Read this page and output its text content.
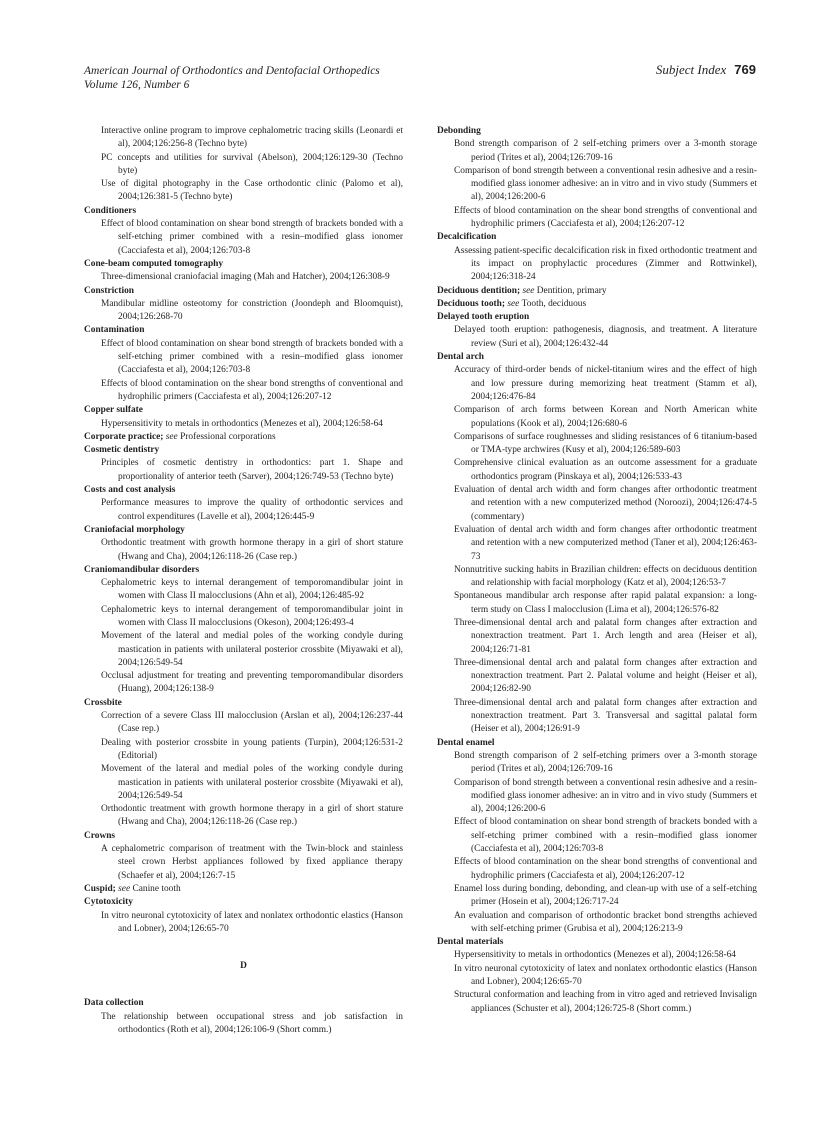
American Journal of Orthodontics and Dentofacial Orthopedics
Volume 126, Number 6
Subject Index 769
Interactive online program to improve cephalometric tracing skills (Leonardi et al), 2004;126:256-8 (Techno byte)
PC concepts and utilities for survival (Abelson), 2004;126:129-30 (Techno byte)
Use of digital photography in the Case orthodontic clinic (Palomo et al), 2004;126:381-5 (Techno byte)
Conditioners
Effect of blood contamination on shear bond strength of brackets bonded with a self-etching primer combined with a resin–modified glass ionomer (Cacciafesta et al), 2004;126:703-8
Cone-beam computed tomography
Three-dimensional craniofacial imaging (Mah and Hatcher), 2004;126:308-9
Constriction
Mandibular midline osteotomy for constriction (Joondeph and Bloomquist), 2004;126:268-70
Contamination
Effect of blood contamination on shear bond strength of brackets bonded with a self-etching primer combined with a resin–modified glass ionomer (Cacciafesta et al), 2004;126:703-8
Effects of blood contamination on the shear bond strengths of conventional and hydrophilic primers (Cacciafesta et al), 2004;126:207-12
Copper sulfate
Hypersensitivity to metals in orthodontics (Menezes et al), 2004;126:58-64
Corporate practice; see Professional corporations
Cosmetic dentistry
Principles of cosmetic dentistry in orthodontics: part 1. Shape and proportionality of anterior teeth (Sarver), 2004;126:749-53 (Techno byte)
Costs and cost analysis
Performance measures to improve the quality of orthodontic services and control expenditures (Lavelle et al), 2004;126:445-9
Craniofacial morphology
Orthodontic treatment with growth hormone therapy in a girl of short stature (Hwang and Cha), 2004;126:118-26 (Case rep.)
Craniomandibular disorders
Cephalometric keys to internal derangement of temporomandibular joint in women with Class II malocclusions (Ahn et al), 2004;126:485-92
Cephalometric keys to internal derangement of temporomandibular joint in women with Class II malocclusions (Okeson), 2004;126:493-4
Movement of the lateral and medial poles of the working condyle during mastication in patients with unilateral posterior crossbite (Miyawaki et al), 2004;126:549-54
Occlusal adjustment for treating and preventing temporomandibular disorders (Huang), 2004;126:138-9
Crossbite
Correction of a severe Class III malocclusion (Arslan et al), 2004;126:237-44 (Case rep.)
Dealing with posterior crossbite in young patients (Turpin), 2004;126:531-2 (Editorial)
Movement of the lateral and medial poles of the working condyle during mastication in patients with unilateral posterior crossbite (Miyawaki et al), 2004;126:549-54
Orthodontic treatment with growth hormone therapy in a girl of short stature (Hwang and Cha), 2004;126:118-26 (Case rep.)
Crowns
A cephalometric comparison of treatment with the Twin-block and stainless steel crown Herbst appliances followed by fixed appliance therapy (Schaefer et al), 2004;126:7-15
Cuspid; see Canine tooth
Cytotoxicity
In vitro neuronal cytotoxicity of latex and nonlatex orthodontic elastics (Hanson and Lobner), 2004;126:65-70
D
Data collection
The relationship between occupational stress and job satisfaction in orthodontics (Roth et al), 2004;126:106-9 (Short comm.)
Debonding
Bond strength comparison of 2 self-etching primers over a 3-month storage period (Trites et al), 2004;126:709-16
Comparison of bond strength between a conventional resin adhesive and a resin-modified glass ionomer adhesive: an in vitro and in vivo study (Summers et al), 2004;126:200-6
Effects of blood contamination on the shear bond strengths of conventional and hydrophilic primers (Cacciafesta et al), 2004;126:207-12
Decalcification
Assessing patient-specific decalcification risk in fixed orthodontic treatment and its impact on prophylactic procedures (Zimmer and Rottwinkel), 2004;126:318-24
Deciduous dentition; see Dentition, primary
Deciduous tooth; see Tooth, deciduous
Delayed tooth eruption
Delayed tooth eruption: pathogenesis, diagnosis, and treatment. A literature review (Suri et al), 2004;126:432-44
Dental arch
Accuracy of third-order bends of nickel-titanium wires and the effect of high and low pressure during memorizing heat treatment (Stamm et al), 2004;126:476-84
Comparison of arch forms between Korean and North American white populations (Kook et al), 2004;126:680-6
Comparisons of surface roughnesses and sliding resistances of 6 titanium-based or TMA-type archwires (Kusy et al), 2004;126:589-603
Comprehensive clinical evaluation as an outcome assessment for a graduate orthodontics program (Pinskaya et al), 2004;126:533-43
Evaluation of dental arch width and form changes after orthodontic treatment and retention with a new computerized method (Noroozi), 2004;126:474-5 (commentary)
Evaluation of dental arch width and form changes after orthodontic treatment and retention with a new computerized method (Taner et al), 2004;126:463-73
Nonnutritive sucking habits in Brazilian children: effects on deciduous dentition and relationship with facial morphology (Katz et al), 2004;126:53-7
Spontaneous mandibular arch response after rapid palatal expansion: a long-term study on Class I malocclusion (Lima et al), 2004;126:576-82
Three-dimensional dental arch and palatal form changes after extraction and nonextraction treatment. Part 1. Arch length and area (Heiser et al), 2004;126:71-81
Three-dimensional dental arch and palatal form changes after extraction and nonextraction treatment. Part 2. Palatal volume and height (Heiser et al), 2004;126:82-90
Three-dimensional dental arch and palatal form changes after extraction and nonextraction treatment. Part 3. Transversal and sagittal palatal form (Heiser et al), 2004;126:91-9
Dental enamel
Bond strength comparison of 2 self-etching primers over a 3-month storage period (Trites et al), 2004;126:709-16
Comparison of bond strength between a conventional resin adhesive and a resin-modified glass ionomer adhesive: an in vitro and in vivo study (Summers et al), 2004;126:200-6
Effect of blood contamination on shear bond strength of brackets bonded with a self-etching primer combined with a resin–modified glass ionomer (Cacciafesta et al), 2004;126:703-8
Effects of blood contamination on the shear bond strengths of conventional and hydrophilic primers (Cacciafesta et al), 2004;126:207-12
Enamel loss during bonding, debonding, and clean-up with use of a self-etching primer (Hosein et al), 2004;126:717-24
An evaluation and comparison of orthodontic bracket bond strengths achieved with self-etching primer (Grubisa et al), 2004;126:213-9
Dental materials
Hypersensitivity to metals in orthodontics (Menezes et al), 2004;126:58-64
In vitro neuronal cytotoxicity of latex and nonlatex orthodontic elastics (Hanson and Lobner), 2004;126:65-70
Structural conformation and leaching from in vitro aged and retrieved Invisalign appliances (Schuster et al), 2004;126:725-8 (Short comm.)
